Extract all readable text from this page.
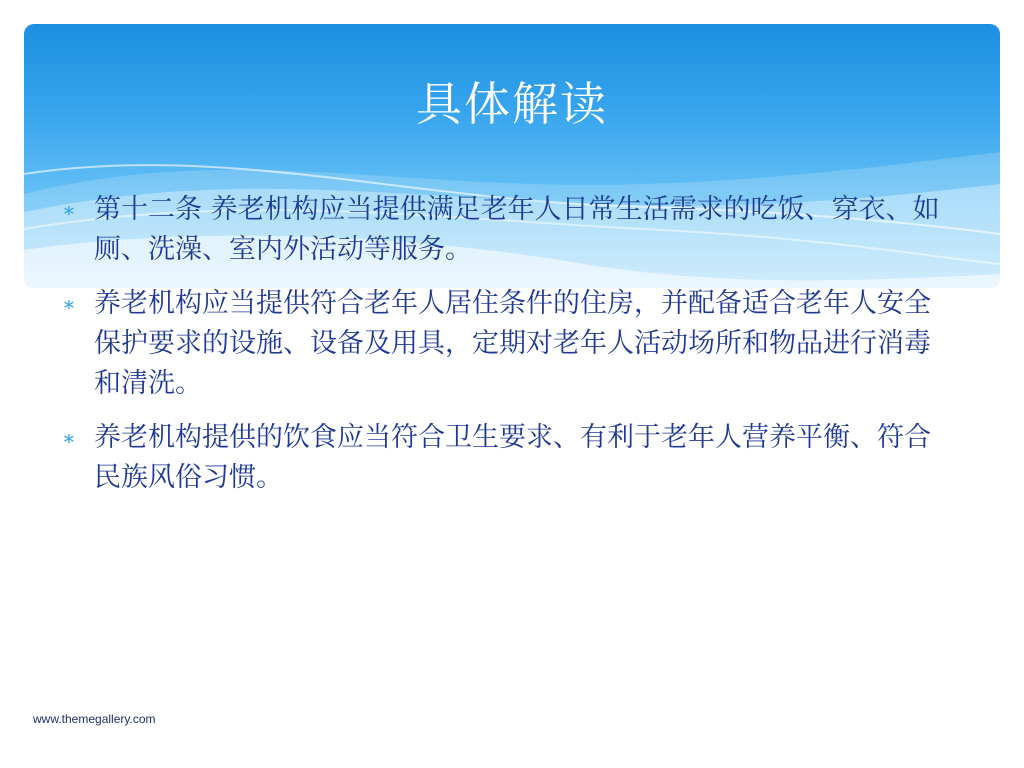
具体解读
∗ 第十二条 养老机构应当提供满足老年人日常生活需求的吃饭、穿衣、如厕、洗澡、室内外活动等服务。
∗ 养老机构应当提供符合老年人居住条件的住房，并配备适合老年人安全保护要求的设施、设备及用具，定期对老年人活动场所和物品进行消毒和清洗。
∗ 养老机构提供的饮食应当符合卫生要求、有利于老年人营养平衡、符合民族风俗习惯。
www.themegallery.com
